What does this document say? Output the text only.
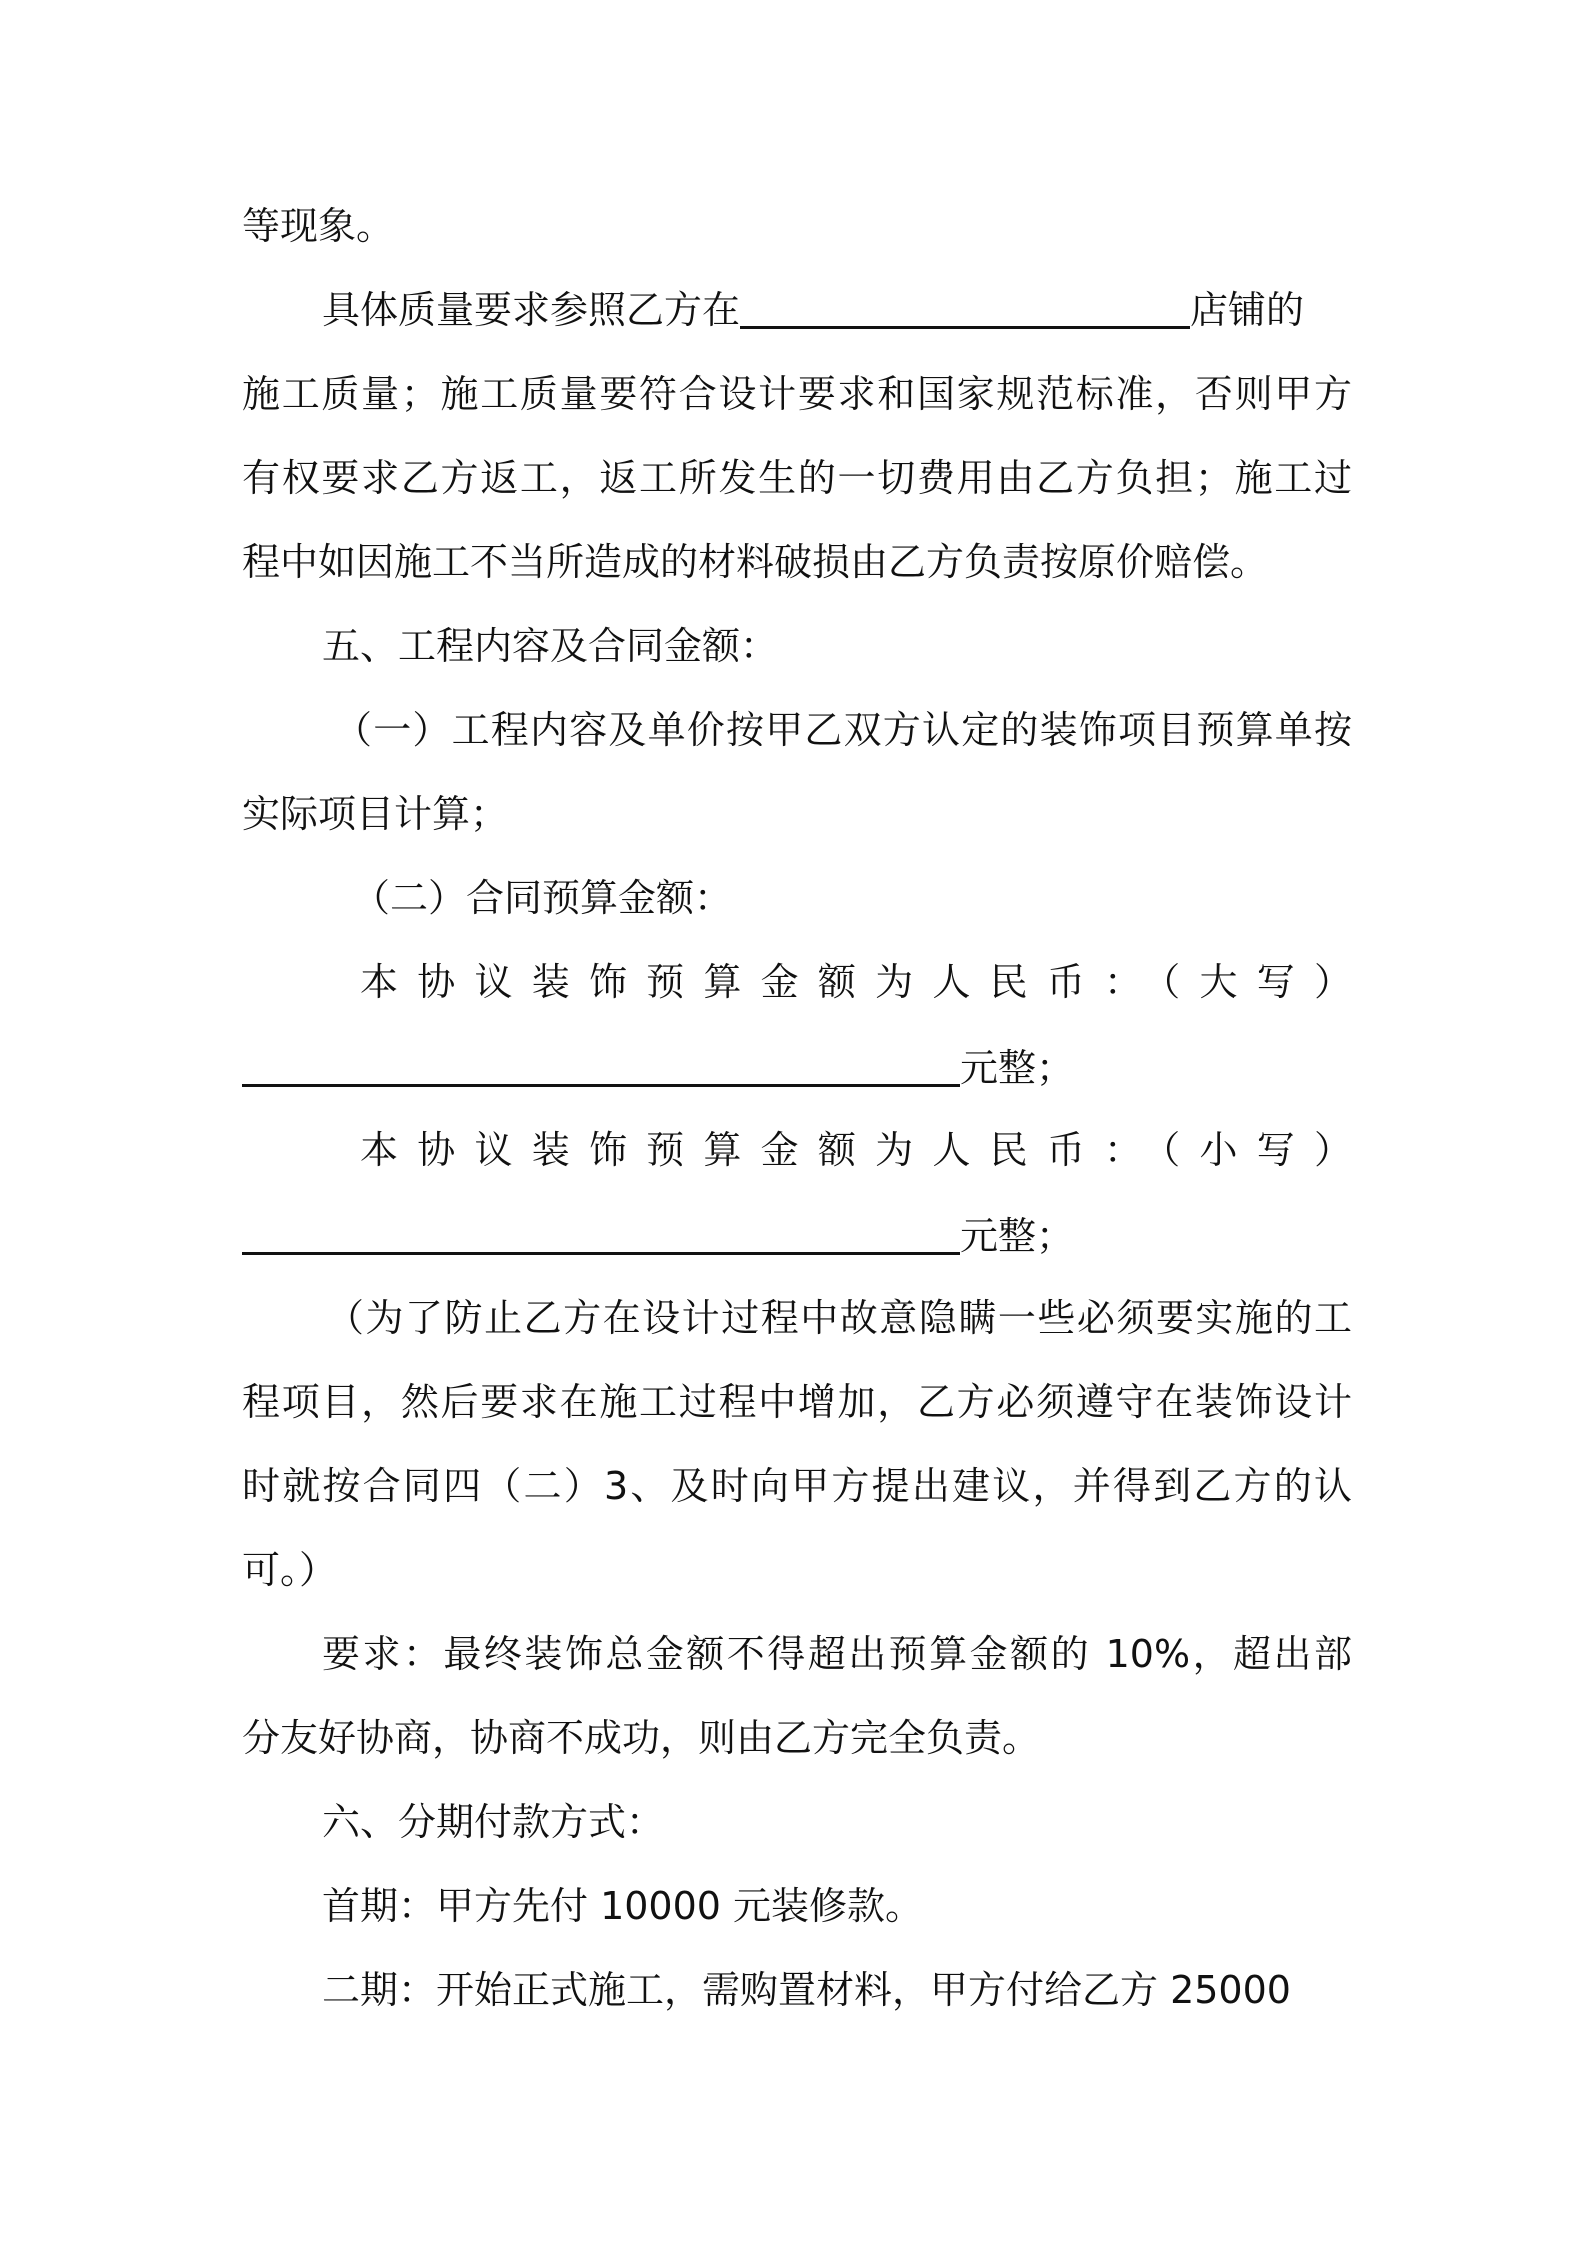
等现象。
具体质量要求参照乙方在	店铺的
施工质量；施工质量要符合设计要求和国家规范标准，否则甲方
有权要求乙方返工，返工所发生的一切费用由乙方负担；施工过
程中如因施工不当所造成的材料破损由乙方负责按原价赔偿。
五、工程内容及合同金额：
（一）工程内容及单价按甲乙双方认定的装饰项目预算单按
实际项目计算；
（二）合同预算金额：
本协议装饰预算金额为人民币：（大写）
元整；
本协议装饰预算金额为人民币：（小写）
元整；
（为了防止乙方在设计过程中故意隐瞒一些必须要实施的工
程项目，然后要求在施工过程中增加，乙方必须遵守在装饰设计
时就按合同四（二）3、及时向甲方提出建议，并得到乙方的认
可。）
要求：最终装饰总金额不得超出预算金额的 10%，超出部
分友好协商，协商不成功，则由乙方完全负责。
六、分期付款方式：
首期：甲方先付 10000 元装修款。
二期：开始正式施工，需购置材料，甲方付给乙方 25000
